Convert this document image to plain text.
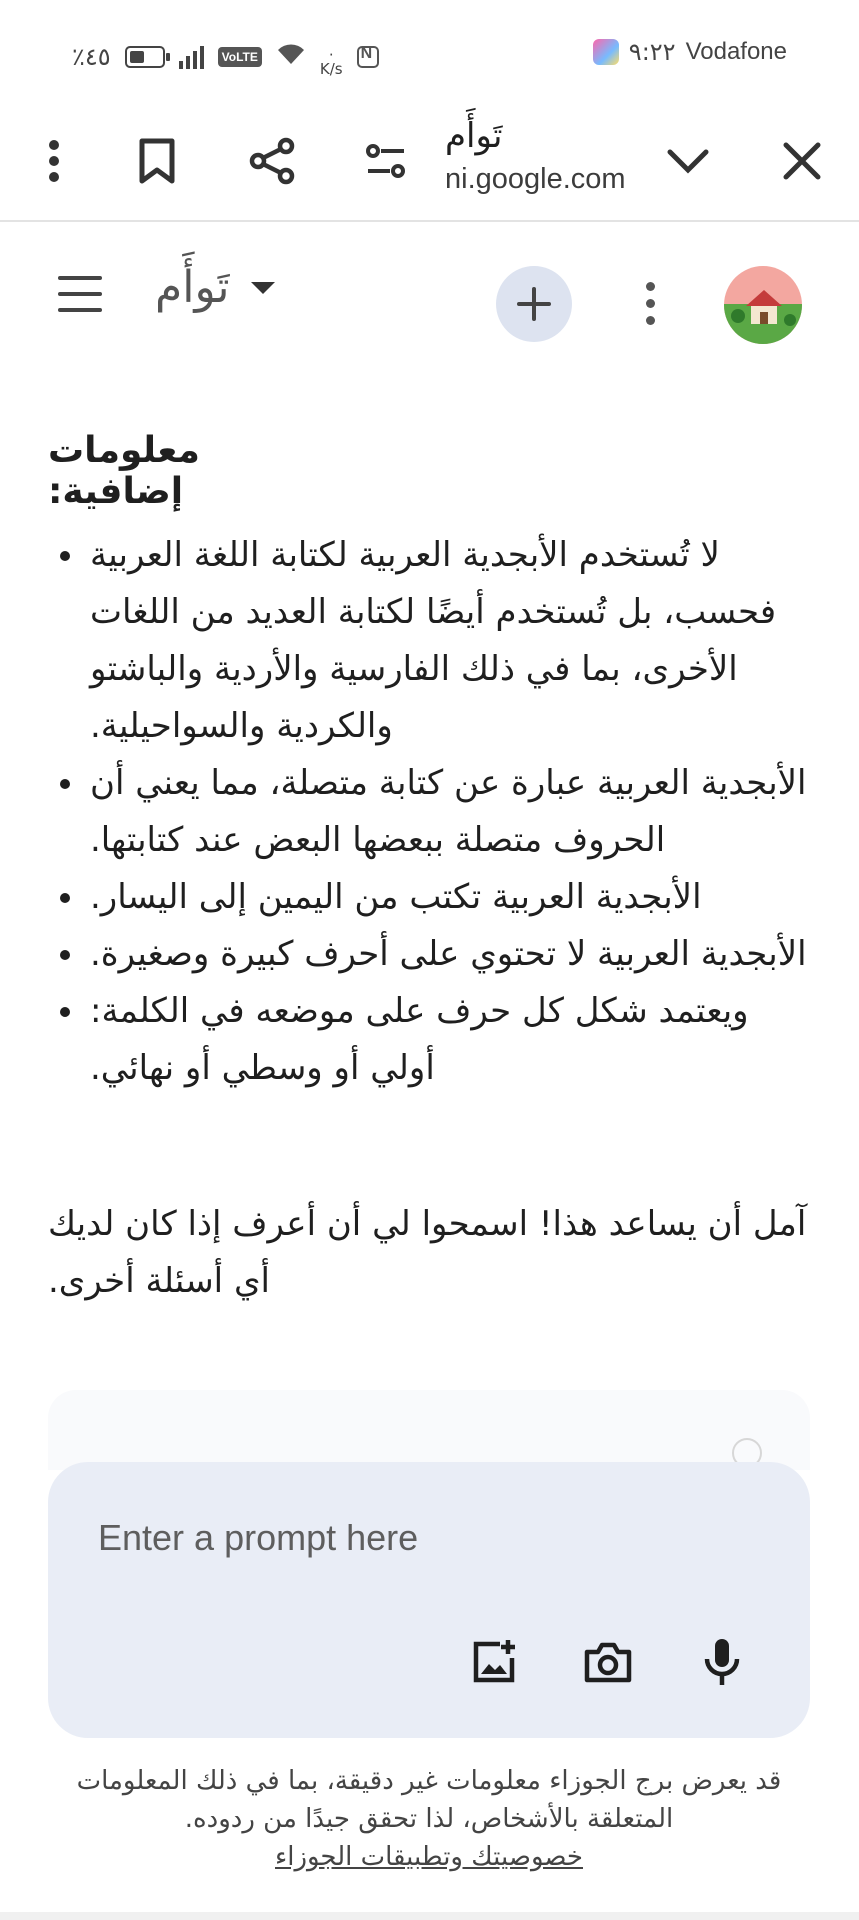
٪٤٥	VoLTE	·
K/s
N
٩:٢٢ Vodafone
تَوأَم
ni.google.com
تَوأَم
معلومات إضافية:
لا تُستخدم الأبجدية العربية لكتابة اللغة العربية فحسب، بل تُستخدم أيضًا لكتابة العديد من اللغات الأخرى، بما في ذلك الفارسية والأردية والباشتو والكردية والسواحيلية.
الأبجدية العربية عبارة عن كتابة متصلة، مما يعني أن الحروف متصلة ببعضها البعض عند كتابتها.
الأبجدية العربية تكتب من اليمين إلى اليسار.
الأبجدية العربية لا تحتوي على أحرف كبيرة وصغيرة.
ويعتمد شكل كل حرف على موضعه في الكلمة: أولي أو وسطي أو نهائي.
آمل أن يساعد هذا! اسمحوا لي أن أعرف إذا كان لديك أي أسئلة أخرى.
Enter a prompt here
قد يعرض برج الجوزاء معلومات غير دقيقة، بما في ذلك المعلومات المتعلقة بالأشخاص، لذا تحقق جيدًا من ردوده.
خصوصيتك وتطبيقات الجوزاء
